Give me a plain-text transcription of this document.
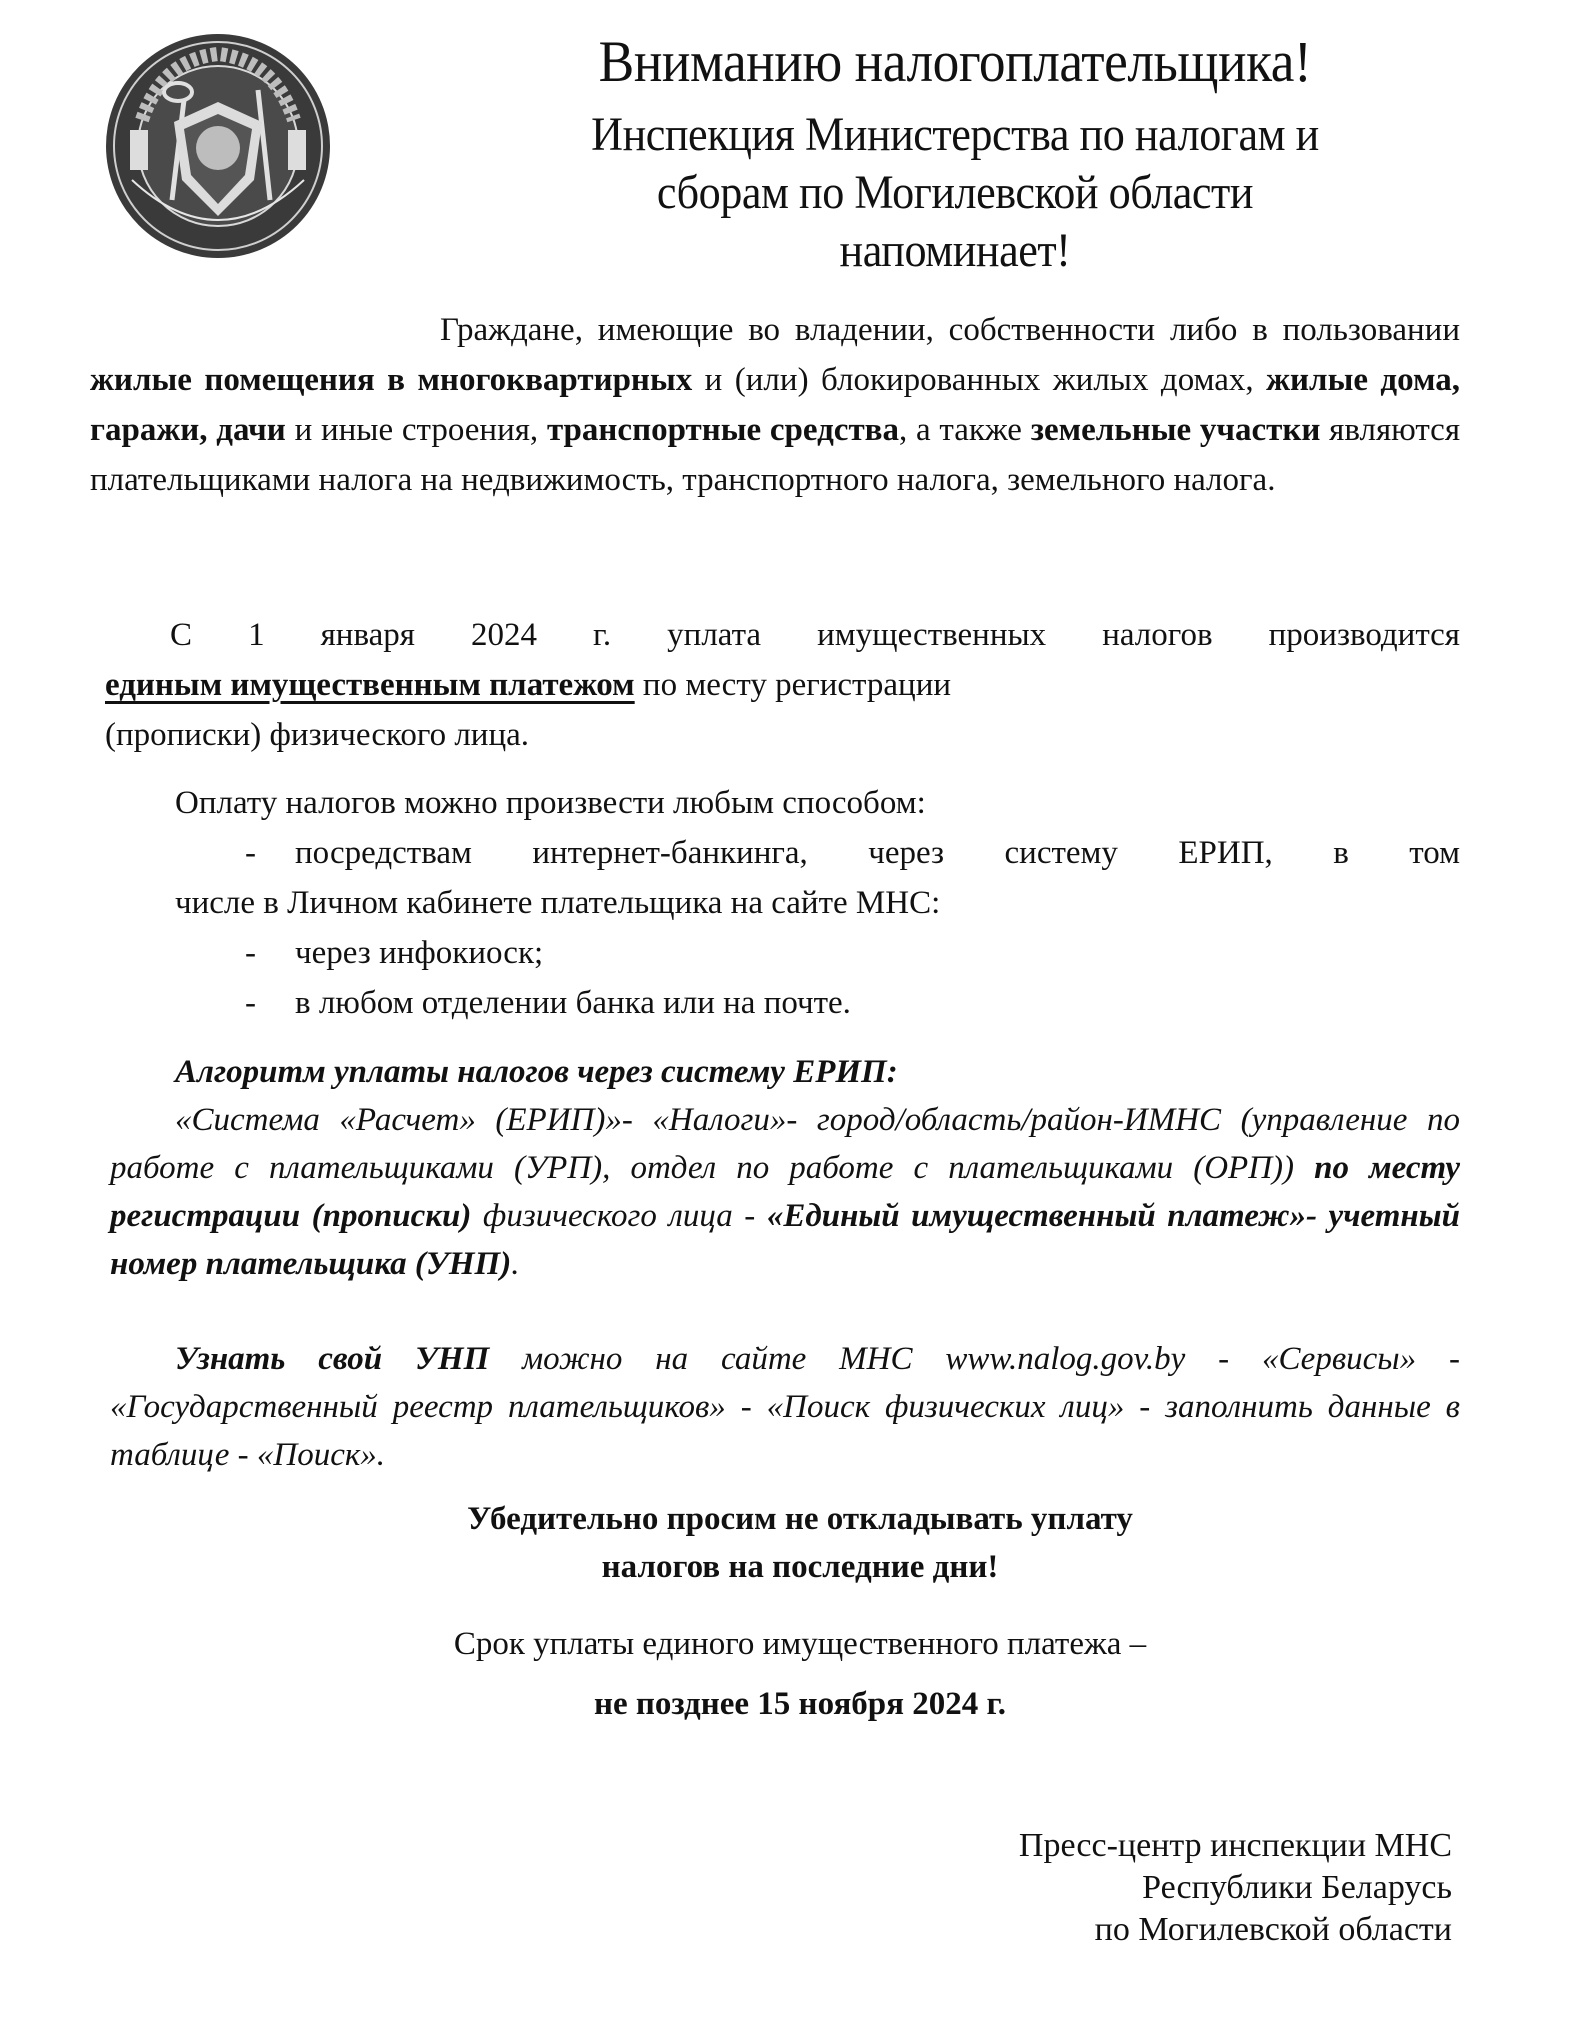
Вниманию налогоплательщика!
Инспекция Министерства по налогам и
сборам по Могилевской области
напоминает!
Граждане, имеющие во владении, собственности либо в пользовании жилые помещения в многоквартирных и (или) блокированных жилых домах, жилые дома, гаражи, дачи и иные строения, транспортные средства, а также земельные участки являются плательщиками налога на недвижимость, транспортного налога, земельного налога.
С 1 января 2024 г. уплата имущественных налогов производится
единым имущественным платежом по месту регистрации
(прописки) физического лица.
Оплату налогов можно произвести любым способом:
-	посредствам интернет-банкинга, через систему ЕРИП, в том
числе в Личном кабинете плательщика на сайте МНС:
-	через инфокиоск;
-	в любом отделении банка или на почте.
Алгоритм уплаты налогов через систему ЕРИП:
«Система «Расчет» (ЕРИП)»- «Налоги»- город/область/район-ИМНС (управление по работе с плательщиками (УРП), отдел по работе с плательщиками (ОРП)) по месту регистрации (прописки) физического лица - «Единый имущественный платеж»- учетный номер плательщика (УНП).
Узнать свой УНП можно на сайте МНС www.nalog.gov.by - «Сервисы» - «Государственный реестр плательщиков» - «Поиск физических лиц» - заполнить данные в таблице - «Поиск».
Убедительно просим не откладывать уплату
налогов на последние дни!
Срок уплаты единого имущественного платежа –
не позднее 15 ноября 2024 г.
Пресс-центр инспекции МНС
Республики Беларусь
по Могилевской области
